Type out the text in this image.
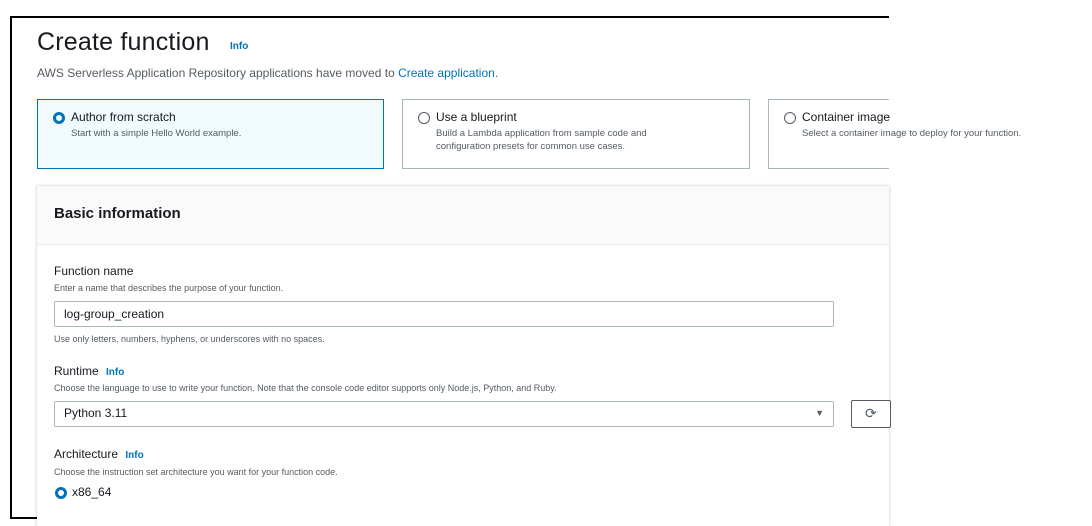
Create function Info
AWS Serverless Application Repository applications have moved to Create application.
Author from scratch
Start with a simple Hello World example.
Use a blueprint
Build a Lambda application from sample code and configuration presets for common use cases.
Container image
Select a container image to deploy for your function.
Basic information
Function name
Enter a name that describes the purpose of your function.
log-group_creation
Use only letters, numbers, hyphens, or underscores with no spaces.
Runtime Info
Choose the language to use to write your function. Note that the console code editor supports only Node.js, Python, and Ruby.
Python 3.11	▼	⟳
Architecture Info
Choose the instruction set architecture you want for your function code.
x86_64
